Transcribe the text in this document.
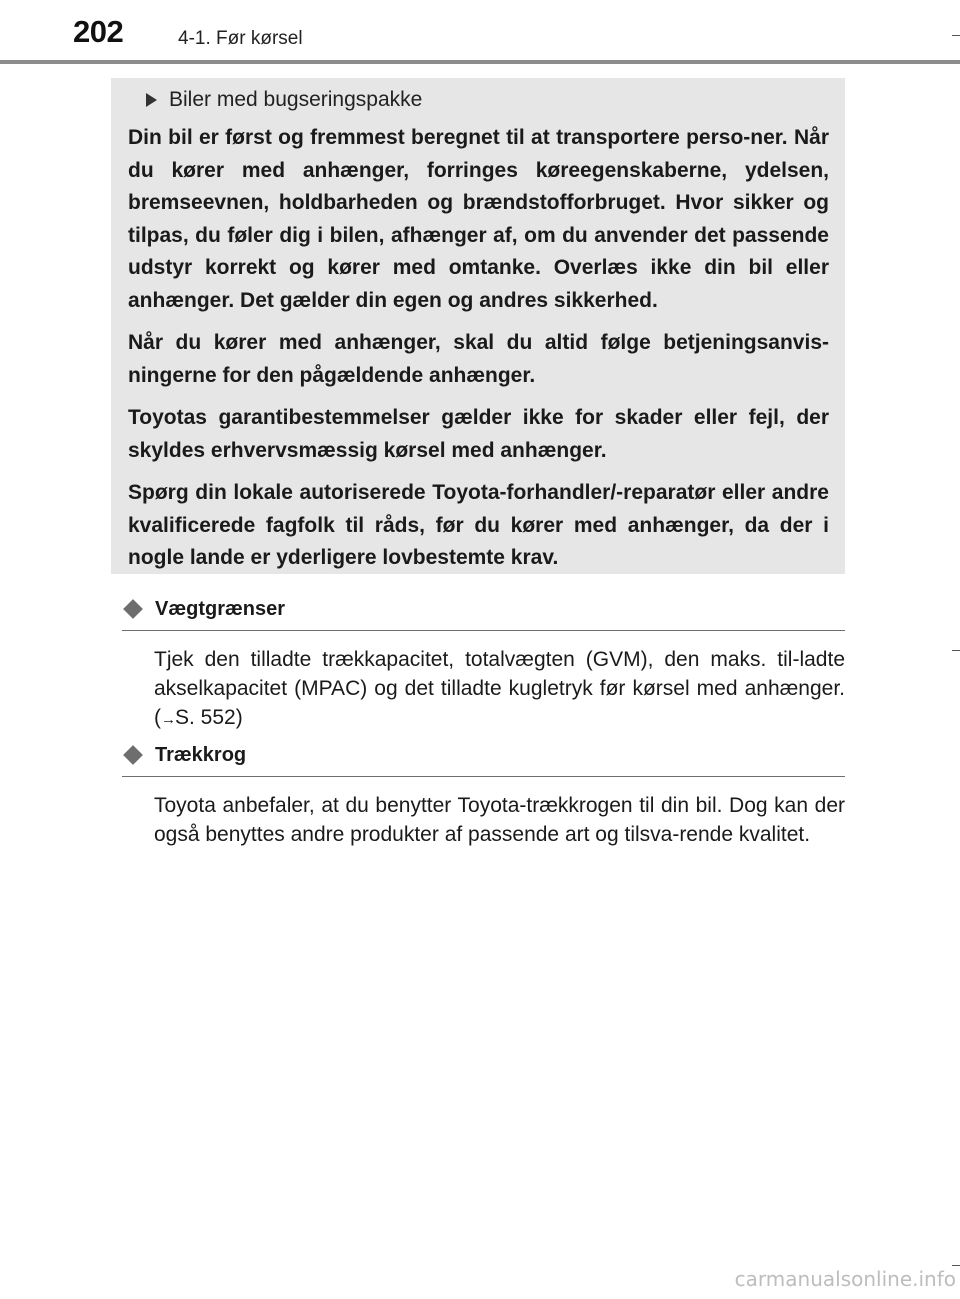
202	4-1. Før kørsel
Biler med bugseringspakke

Din bil er først og fremmest beregnet til at transportere perso-ner. Når du kører med anhænger, forringes køreegenskaberne, ydelsen, bremseevnen, holdbarheden og brændstofforbruget. Hvor sikker og tilpas, du føler dig i bilen, afhænger af, om du anvender det passende udstyr korrekt og kører med omtanke. Overlæs ikke din bil eller anhænger. Det gælder din egen og andres sikkerhed.

Når du kører med anhænger, skal du altid følge betjeningsanvis-ningerne for den pågældende anhænger.

Toyotas garantibestemmelser gælder ikke for skader eller fejl, der skyldes erhvervsmæssig kørsel med anhænger.

Spørg din lokale autoriserede Toyota-forhandler/-reparatør eller andre kvalificerede fagfolk til råds, før du kører med anhænger, da der i nogle lande er yderligere lovbestemte krav.

Vægtgrænser
Tjek den tilladte trækkapacitet, totalvægten (GVM), den maks. til-ladte akselkapacitet (MPAC) og det tilladte kugletryk før kørsel med anhænger. (→S. 552)
Trækkrog
Toyota anbefaler, at du benytter Toyota-trækkrogen til din bil. Dog kan der også benyttes andre produkter af passende art og tilsva-rende kvalitet.
carmanualsonline.info
